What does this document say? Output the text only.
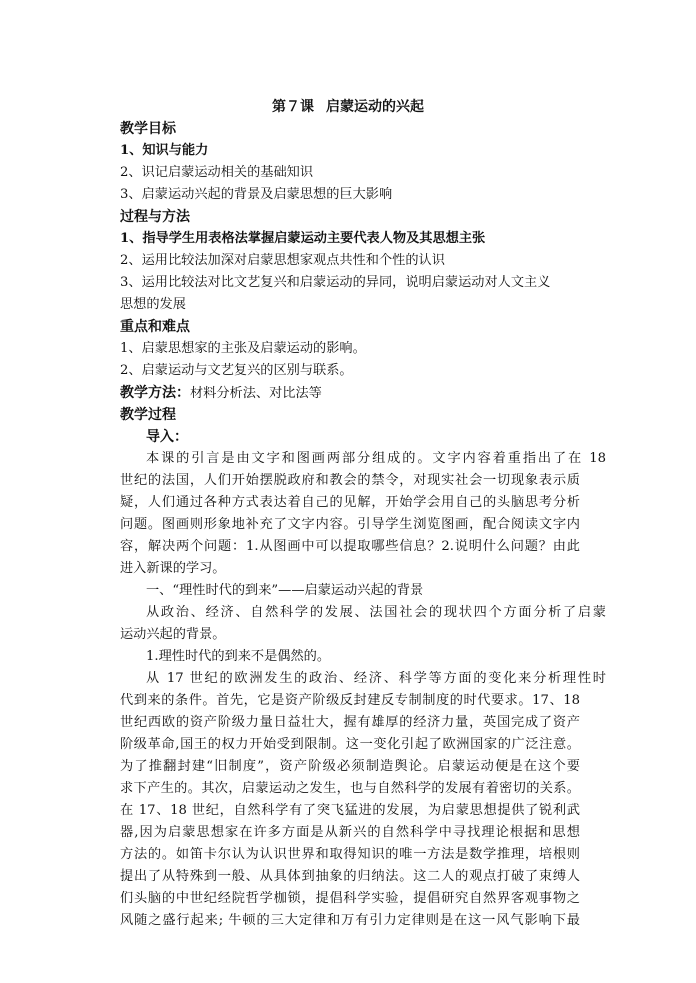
第７课 启蒙运动的兴起
教学目标
1、知识与能力
2、识记启蒙运动相关的基础知识
3、启蒙运动兴起的背景及启蒙思想的巨大影响
过程与方法
1、指导学生用表格法掌握启蒙运动主要代表人物及其思想主张
2、运用比较法加深对启蒙思想家观点共性和个性的认识
3、运用比较法对比文艺复兴和启蒙运动的异同，说明启蒙运动对人文主义
思想的发展
重点和难点
1、启蒙思想家的主张及启蒙运动的影响。
2、启蒙运动与文艺复兴的区别与联系。
教学方法：材料分析法、对比法等
教学过程
导入：
本课的引言是由文字和图画两部分组成的。文字内容着重指出了在 18
世纪的法国，人们开始摆脱政府和教会的禁令，对现实社会一切现象表示质
疑，人们通过各种方式表达着自己的见解，开始学会用自己的头脑思考分析
问题。图画则形象地补充了文字内容。引导学生浏览图画，配合阅读文字内
容，解决两个问题：1.从图画中可以提取哪些信息？2.说明什么问题？由此
进入新课的学习。
一、“理性时代的到来”——启蒙运动兴起的背景
从政治、经济、自然科学的发展、法国社会的现状四个方面分析了启蒙
运动兴起的背景。
1.理性时代的到来不是偶然的。
从 17 世纪的欧洲发生的政治、经济、科学等方面的变化来分析理性时
代到来的条件。首先，它是资产阶级反封建反专制制度的时代要求。17、18
世纪西欧的资产阶级力量日益壮大，握有雄厚的经济力量，英国完成了资产
阶级革命,国王的权力开始受到限制。这一变化引起了欧洲国家的广泛注意。
为了推翻封建“旧制度”，资产阶级必须制造舆论。启蒙运动便是在这个要
求下产生的。其次，启蒙运动之发生，也与自然科学的发展有着密切的关系。
在 17、18 世纪，自然科学有了突飞猛进的发展，为启蒙思想提供了锐利武
器,因为启蒙思想家在许多方面是从新兴的自然科学中寻找理论根据和思想
方法的。如笛卡尔认为认识世界和取得知识的唯一方法是数学推理，培根则
提出了从特殊到一般、从具体到抽象的归纳法。这二人的观点打破了束缚人
们头脑的中世纪经院哲学枷锁，提倡科学实验，提倡研究自然界客观事物之
风随之盛行起来; 牛顿的三大定律和万有引力定律则是在这一风气影响下最
